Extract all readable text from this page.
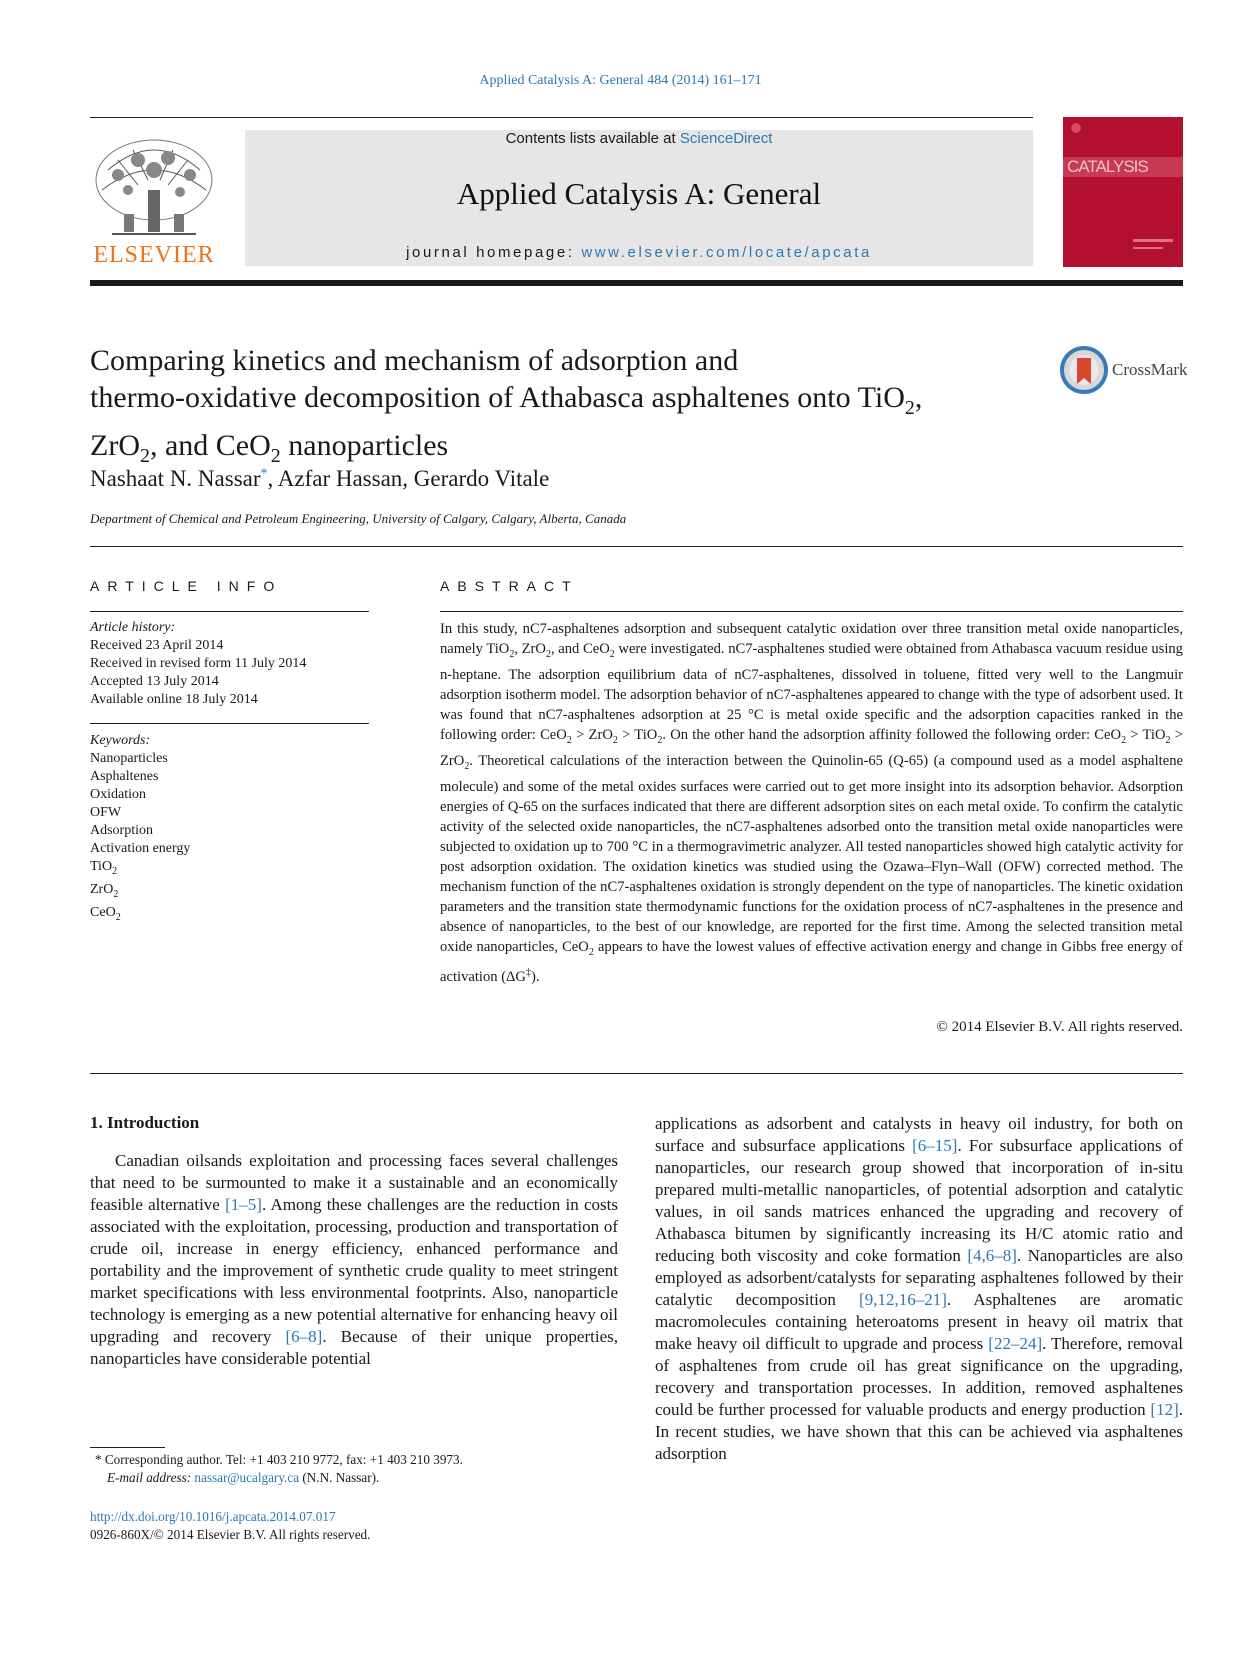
Applied Catalysis A: General 484 (2014) 161–171
ELSEVIER
Contents lists available at ScienceDirect
Applied Catalysis A: General
journal homepage: www.elsevier.com/locate/apcata
CATALYSIS
Comparing kinetics and mechanism of adsorption and
thermo-oxidative decomposition of Athabasca asphaltenes onto TiO$_2$,
ZrO$_2$, and CeO$_2$ nanoparticles
CrossMark
Nashaat N. Nassar*, Azfar Hassan, Gerardo Vitale
Department of Chemical and Petroleum Engineering, University of Calgary, Calgary, Alberta, Canada
ARTICLE INFO
Article history:
Received 23 April 2014
Received in revised form 11 July 2014
Accepted 13 July 2014
Available online 18 July 2014
Keywords:
Nanoparticles
Asphaltenes
Oxidation
OFW
Adsorption
Activation energy
TiO$_2$
ZrO$_2$
CeO$_2$
ABSTRACT
In this study, nC7-asphaltenes adsorption and subsequent catalytic oxidation over three transition metal oxide nanoparticles, namely TiO$_2$, ZrO$_2$, and CeO$_2$ were investigated. nC7-asphaltenes studied were obtained from Athabasca vacuum residue using n-heptane. The adsorption equilibrium data of nC7-asphaltenes, dissolved in toluene, fitted very well to the Langmuir adsorption isotherm model. The adsorption behavior of nC7-asphaltenes appeared to change with the type of adsorbent used. It was found that nC7-asphaltenes adsorption at 25 °C is metal oxide specific and the adsorption capacities ranked in the following order: CeO$_2$ > ZrO$_2$ > TiO$_2$. On the other hand the adsorption affinity followed the following order: CeO$_2$ > TiO$_2$ > ZrO$_2$. Theoretical calculations of the interaction between the Quinolin-65 (Q-65) (a compound used as a model asphaltene molecule) and some of the metal oxides surfaces were carried out to get more insight into its adsorption behavior. Adsorption energies of Q-65 on the surfaces indicated that there are different adsorption sites on each metal oxide. To confirm the catalytic activity of the selected oxide nanoparticles, the nC7-asphaltenes adsorbed onto the transition metal oxide nanoparticles were subjected to oxidation up to 700 °C in a thermogravimetric analyzer. All tested nanoparticles showed high catalytic activity for post adsorption oxidation. The oxidation kinetics was studied using the Ozawa–Flyn–Wall (OFW) corrected method. The mechanism function of the nC7-asphaltenes oxidation is strongly dependent on the type of nanoparticles. The kinetic oxidation parameters and the transition state thermodynamic functions for the oxidation process of nC7-asphaltenes in the presence and absence of nanoparticles, to the best of our knowledge, are reported for the first time. Among the selected transition metal oxide nanoparticles, CeO$_2$ appears to have the lowest values of effective activation energy and change in Gibbs free energy of activation (ΔG‡).
© 2014 Elsevier B.V. All rights reserved.
1. Introduction

Canadian oilsands exploitation and processing faces several challenges that need to be surmounted to make it a sustainable and an economically feasible alternative [1–5]. Among these challenges are the reduction in costs associated with the exploitation, processing, production and transportation of crude oil, increase in energy efficiency, enhanced performance and portability and the improvement of synthetic crude quality to meet stringent market specifications with less environmental footprints. Also, nanoparticle technology is emerging as a new potential alternative for enhancing heavy oil upgrading and recovery [6–8]. Because of their unique properties, nanoparticles have considerable potential

applications as adsorbent and catalysts in heavy oil industry, for both on surface and subsurface applications [6–15]. For subsurface applications of nanoparticles, our research group showed that incorporation of in-situ prepared multi-metallic nanoparticles, of potential adsorption and catalytic values, in oil sands matrices enhanced the upgrading and recovery of Athabasca bitumen by significantly increasing its H/C atomic ratio and reducing both viscosity and coke formation [4,6–8]. Nanoparticles are also employed as adsorbent/catalysts for separating asphaltenes followed by their catalytic decomposition [9,12,16–21]. Asphaltenes are aromatic macromolecules containing heteroatoms present in heavy oil matrix that make heavy oil difficult to upgrade and process [22–24]. Therefore, removal of asphaltenes from crude oil has great significance on the upgrading, recovery and transportation processes. In addition, removed asphaltenes could be further processed for valuable products and energy production [12]. In recent studies, we have shown that this can be achieved via asphaltenes adsorption

* Corresponding author. Tel: +1 403 210 9772, fax: +1 403 210 3973.
E-mail address: nassar@ucalgary.ca (N.N. Nassar).
http://dx.doi.org/10.1016/j.apcata.2014.07.017
0926-860X/© 2014 Elsevier B.V. All rights reserved.
